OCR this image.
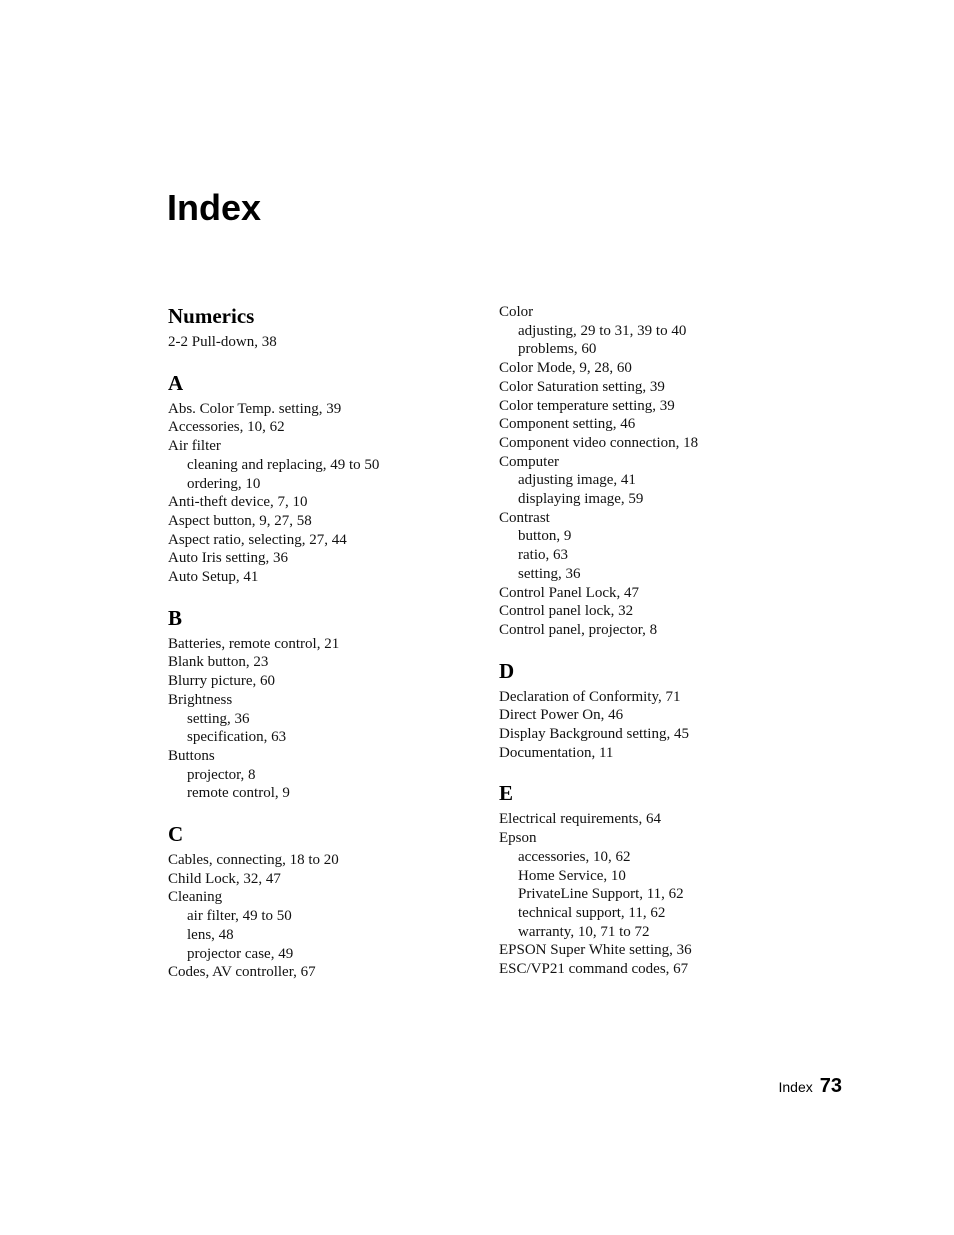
Index
Numerics
2-2 Pull-down, 38
A
Abs. Color Temp. setting, 39
Accessories, 10, 62
Air filter
cleaning and replacing, 49 to 50
ordering, 10
Anti-theft device, 7, 10
Aspect button, 9, 27, 58
Aspect ratio, selecting, 27, 44
Auto Iris setting, 36
Auto Setup, 41
B
Batteries, remote control, 21
Blank button, 23
Blurry picture, 60
Brightness
setting, 36
specification, 63
Buttons
projector, 8
remote control, 9
C
Cables, connecting, 18 to 20
Child Lock, 32, 47
Cleaning
air filter, 49 to 50
lens, 48
projector case, 49
Codes, AV controller, 67
Color
adjusting, 29 to 31, 39 to 40
problems, 60
Color Mode, 9, 28, 60
Color Saturation setting, 39
Color temperature setting, 39
Component setting, 46
Component video connection, 18
Computer
adjusting image, 41
displaying image, 59
Contrast
button, 9
ratio, 63
setting, 36
Control Panel Lock, 47
Control panel lock, 32
Control panel, projector, 8
D
Declaration of Conformity, 71
Direct Power On, 46
Display Background setting, 45
Documentation, 11
E
Electrical requirements, 64
Epson
accessories, 10, 62
Home Service, 10
PrivateLine Support, 11, 62
technical support, 11, 62
warranty, 10, 71 to 72
EPSON Super White setting, 36
ESC/VP21 command codes, 67
Index 73
